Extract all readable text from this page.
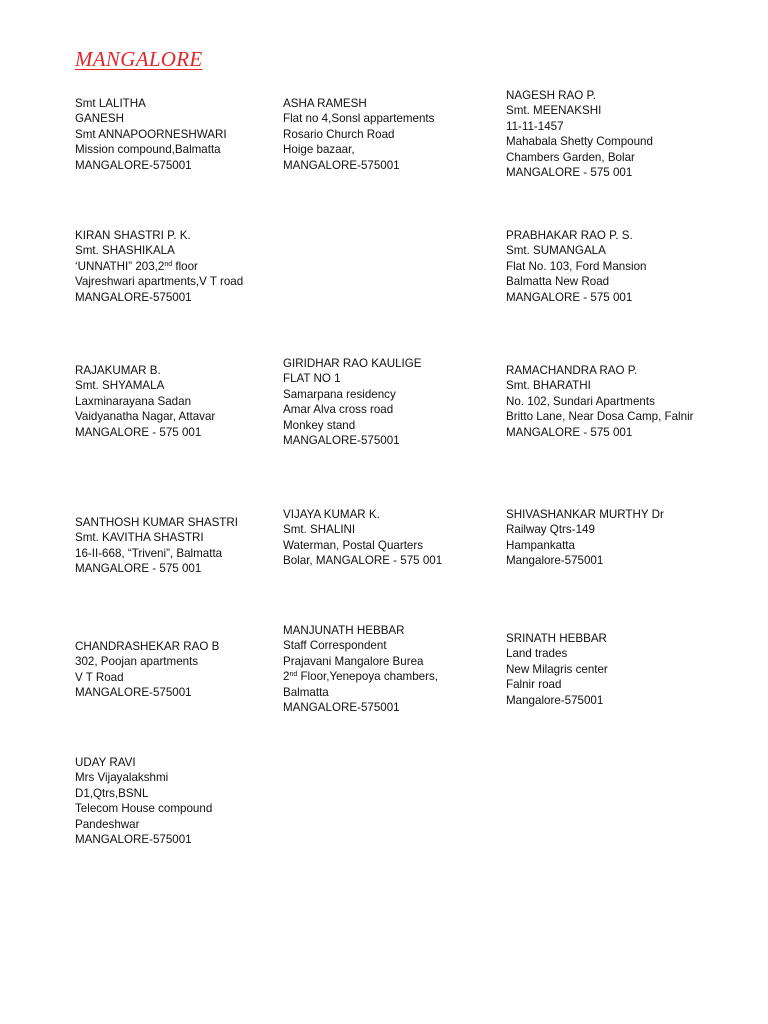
MANGALORE
Smt LALITHA
GANESH
Smt ANNAPOORNESHWARI
Mission compound,Balmatta
MANGALORE-575001
ASHA RAMESH
Flat no 4,Sonsl appartements
Rosario Church Road
Hoige bazaar,
MANGALORE-575001
NAGESH RAO P.
Smt. MEENAKSHI
11-11-1457
Mahabala Shetty Compound
Chambers Garden, Bolar
MANGALORE - 575 001
KIRAN SHASTRI P. K.
Smt. SHASHIKALA
‘UNNATHI” 203,2nd floor
Vajreshwari apartments,V T road
MANGALORE-575001
PRABHAKAR RAO P. S.
Smt. SUMANGALA
Flat No. 103, Ford Mansion
Balmatta New Road
MANGALORE - 575 001
RAJAKUMAR B.
Smt. SHYAMALA
Laxminarayana Sadan
Vaidyanatha Nagar, Attavar
MANGALORE - 575 001
GIRIDHAR RAO KAULIGE
FLAT NO 1
Samarpana residency
Amar Alva cross road
Monkey stand
MANGALORE-575001
RAMACHANDRA RAO P.
Smt. BHARATHI
No. 102, Sundari Apartments
Britto Lane, Near Dosa Camp, Falnir
MANGALORE - 575 001
SANTHOSH KUMAR SHASTRI
Smt. KAVITHA SHASTRI
16-II-668, “Triveni”, Balmatta
MANGALORE - 575 001
VIJAYA KUMAR K.
Smt. SHALINI
Waterman, Postal Quarters
Bolar, MANGALORE - 575 001
SHIVASHANKAR MURTHY Dr
Railway Qtrs-149
Hampankatta
Mangalore-575001
CHANDRASHEKAR RAO B
302, Poojan apartments
V T Road
MANGALORE-575001
MANJUNATH HEBBAR
Staff Correspondent
Prajavani Mangalore Burea
2nd Floor,Yenepoya chambers,
Balmatta
MANGALORE-575001
SRINATH HEBBAR
Land trades
New Milagris center
Falnir road
Mangalore-575001
UDAY RAVI
Mrs Vijayalakshmi
D1,Qtrs,BSNL
Telecom House compound
Pandeshwar
MANGALORE-575001
